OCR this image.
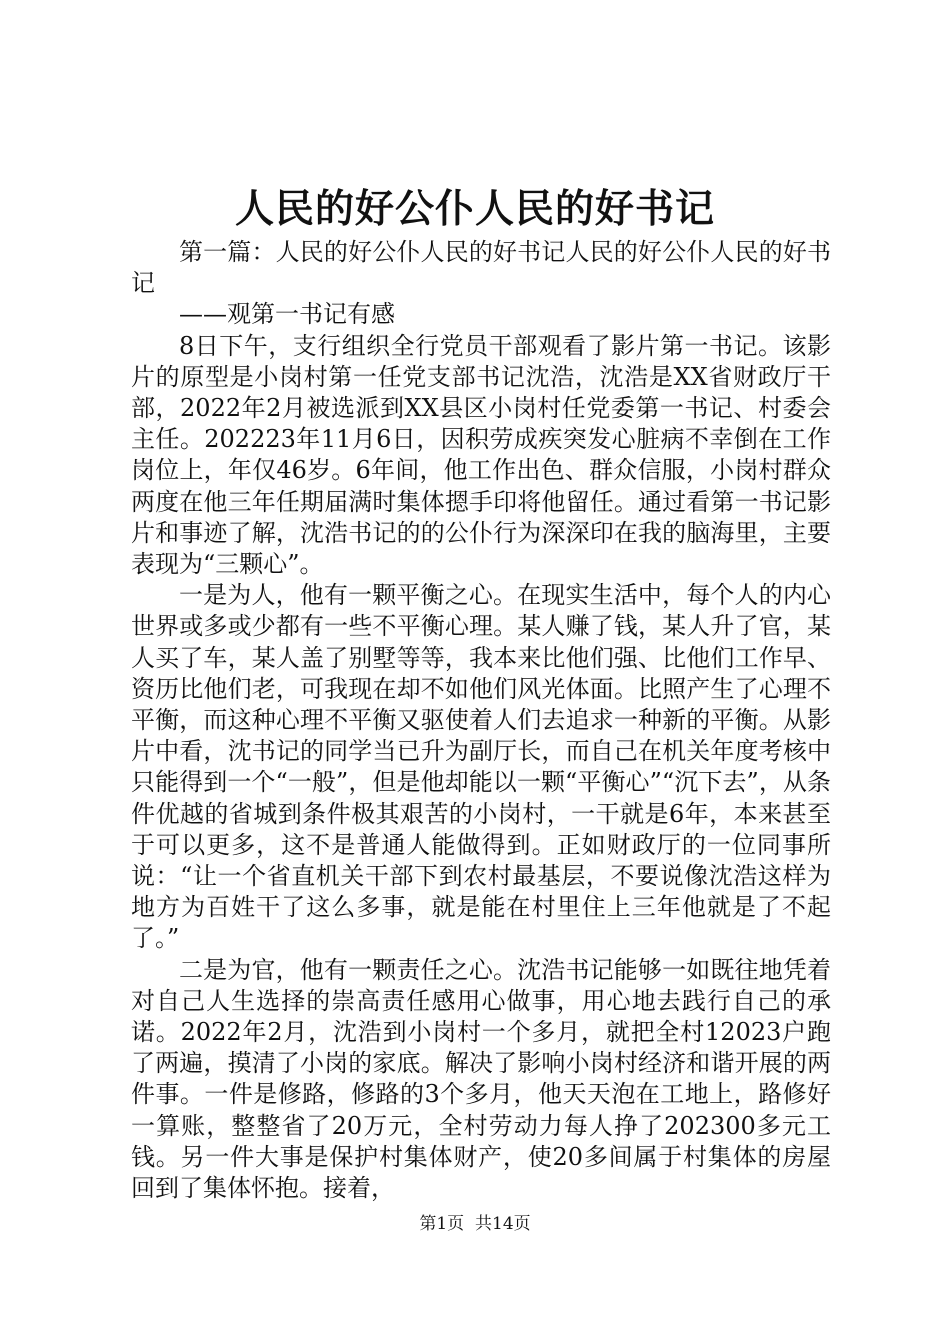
人民的好公仆人民的好书记

第一篇：人民的好公仆人民的好书记人民的好公仆人民的好书记

——观第一书记有感

8日下午，支行组织全行党员干部观看了影片第一书记。该影片的原型是小岗村第一任党支部书记沈浩，沈浩是XX省财政厅干部，2022年2月被选派到XX县区小岗村任党委第一书记、村委会主任。202223年11月6日，因积劳成疾突发心脏病不幸倒在工作岗位上，年仅46岁。6年间，他工作出色、群众信服，小岗村群众两度在他三年任期届满时集体摁手印将他留任。通过看第一书记影片和事迹了解，沈浩书记的的公仆行为深深印在我的脑海里，主要表现为“三颗心”。

一是为人，他有一颗平衡之心。在现实生活中，每个人的内心世界或多或少都有一些不平衡心理。某人赚了钱，某人升了官，某人买了车，某人盖了别墅等等，我本来比他们强、比他们工作早、资历比他们老，可我现在却不如他们风光体面。比照产生了心理不平衡，而这种心理不平衡又驱使着人们去追求一种新的平衡。从影片中看，沈书记的同学当已升为副厅长，而自己在机关年度考核中只能得到一个“一般”，但是他却能以一颗“平衡心”“沉下去”，从条件优越的省城到条件极其艰苦的小岗村，一干就是6年，本来甚至于可以更多，这不是普通人能做得到。正如财政厅的一位同事所说：“让一个省直机关干部下到农村最基层，不要说像沈浩这样为地方为百姓干了这么多事，就是能在村里住上三年他就是了不起了。”

二是为官，他有一颗责任之心。沈浩书记能够一如既往地凭着对自己人生选择的崇高责任感用心做事，用心地去践行自己的承诺。2022年2月，沈浩到小岗村一个多月，就把全村12023户跑了两遍，摸清了小岗的家底。解决了影响小岗村经济和谐开展的两件事。一件是修路，修路的3个多月，他天天泡在工地上，路修好一算账，整整省了20万元，全村劳动力每人挣了202300多元工钱。另一件大事是保护村集体财产，使20多间属于村集体的房屋回到了集体怀抱。接着，

第1页 共14页
